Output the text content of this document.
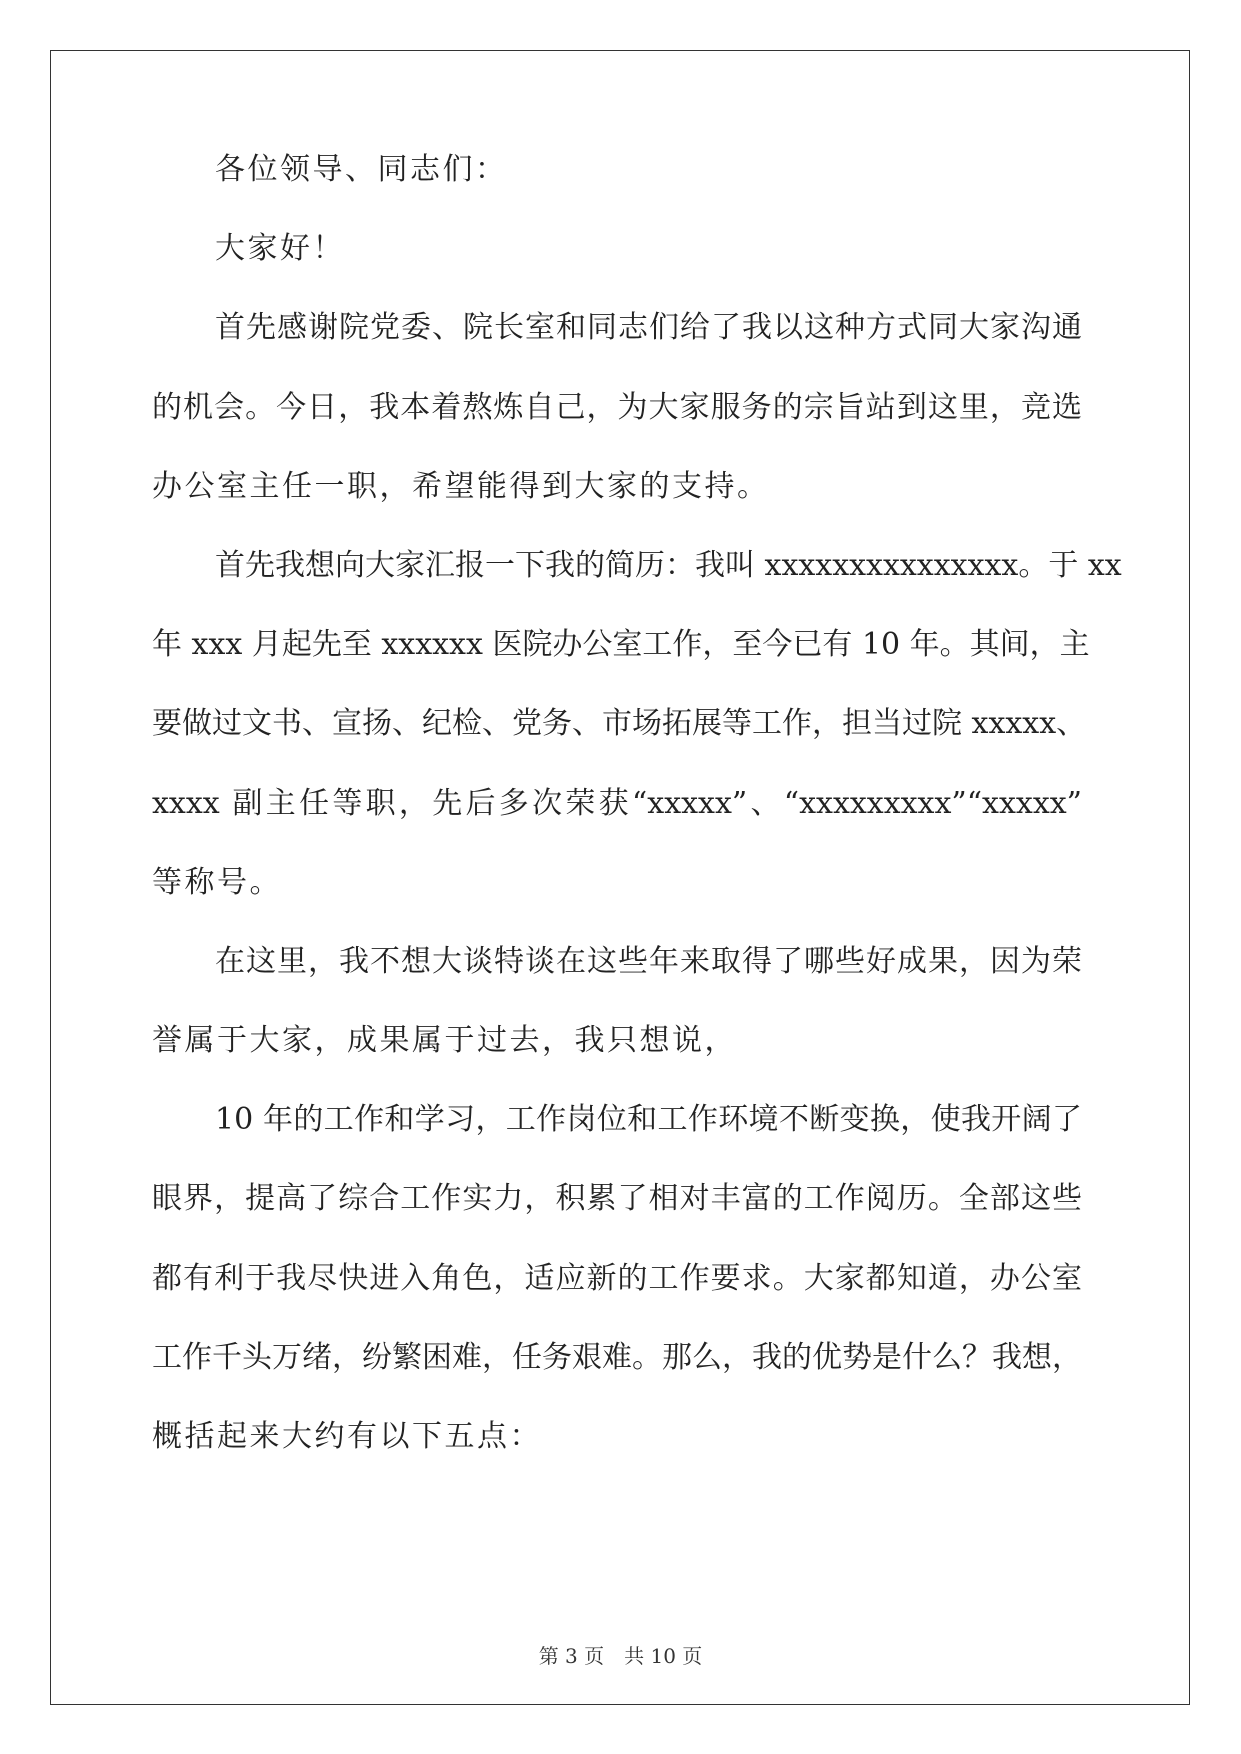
各位领导、同志们：
大家好！
首先感谢院党委、院长室和同志们给了我以这种方式同大家沟通
的机会。今日，我本着熬炼自己，为大家服务的宗旨站到这里，竞选
办公室主任一职，希望能得到大家的支持。
首先我想向大家汇报一下我的简历：我叫 xxxxxxxxxxxxxxx。于 xx
年 xxx 月起先至 xxxxxx 医院办公室工作，至今已有 10 年。其间，主
要做过文书、宣扬、纪检、党务、市场拓展等工作，担当过院 xxxxx、
xxxx 副主任等职，先后多次荣获“xxxxx”、“xxxxxxxxx”“xxxxx”
等称号。
在这里，我不想大谈特谈在这些年来取得了哪些好成果，因为荣
誉属于大家，成果属于过去，我只想说，
10 年的工作和学习，工作岗位和工作环境不断变换，使我开阔了
眼界，提高了综合工作实力，积累了相对丰富的工作阅历。全部这些
都有利于我尽快进入角色，适应新的工作要求。大家都知道，办公室
工作千头万绪，纷繁困难，任务艰难。那么，我的优势是什么？我想，
概括起来大约有以下五点：
第 3 页　共 10 页
